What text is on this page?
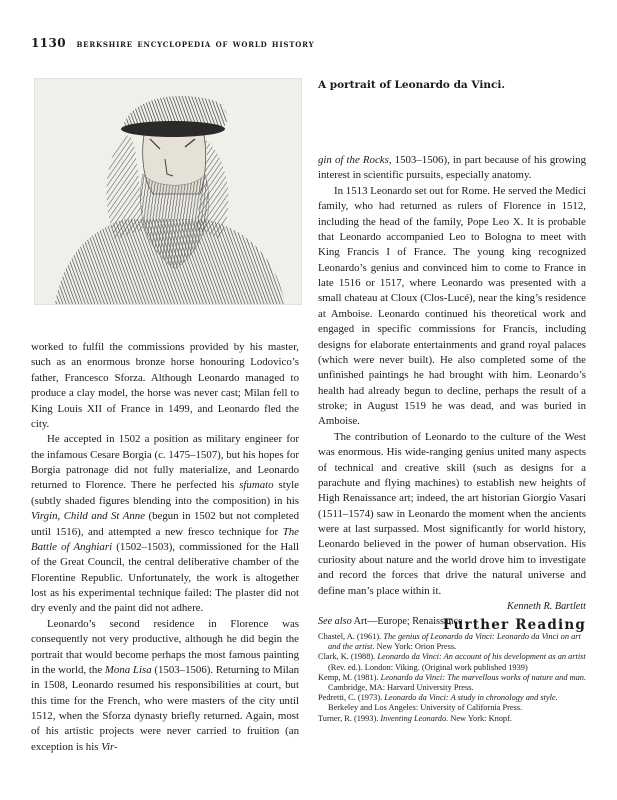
1130 berkshire encyclopedia of world history
A portrait of Leonardo da Vinci.

worked to fulfil the commissions provided by his master, such as an enormous bronze horse honouring Lodovico’s father, Francesco Sforza. Although Leonardo managed to produce a clay model, the horse was never cast; Milan fell to King Louis XII of France in 1499, and Leonardo fled the city.

He accepted in 1502 a position as military engineer for the infamous Cesare Borgia (c. 1475–1507), but his hopes for Borgia patronage did not fully materialize, and Leonardo returned to Florence. There he perfected his sfumato style (subtly shaded figures blending into the composition) in his Virgin, Child and St Anne (begun in 1502 but not completed until 1516), and attempted a new fresco technique for The Battle of Anghiari (1502–1503), commissioned for the Hall of the Great Council, the central deliberative chamber of the Florentine Republic. Unfortunately, the work is altogether lost as his experimental technique failed: The plaster did not dry evenly and the paint did not adhere.

Leonardo’s second residence in Florence was consequently not very productive, although he did begin the portrait that would become perhaps the most famous painting in the world, the Mona Lisa (1503–1506). Returning to Milan in 1508, Leonardo resumed his responsibilities at court, but this time for the French, who were masters of the city until 1512, when the Sforza dynasty briefly returned. Again, most of his artistic projects were never carried to fruition (an exception is his Vir-

gin of the Rocks, 1503–1506), in part because of his growing interest in scientific pursuits, especially anatomy.

In 1513 Leonardo set out for Rome. He served the Medici family, who had returned as rulers of Florence in 1512, including the head of the family, Pope Leo X. It is probable that Leonardo accompanied Leo to Bologna to meet with King Francis I of France. The young king recognized Leonardo’s genius and convinced him to come to France in late 1516 or 1517, where Leonardo was presented with a small chateau at Cloux (Clos-Lucé), near the king’s residence at Amboise. Leonardo continued his theoretical work and engaged in specific commissions for Francis, including designs for elaborate entertainments and grand royal palaces (which were never built). He also completed some of the unfinished paintings he had brought with him. Leonardo’s health had already begun to decline, perhaps the result of a stroke; in August 1519 he was dead, and was buried in Amboise.

The contribution of Leonardo to the culture of the West was enormous. His wide-ranging genius united many aspects of technical and creative skill (such as designs for a parachute and flying machines) to establish new heights of High Renaissance art; indeed, the art historian Giorgio Vasari (1511–1574) saw in Leonardo the moment when the ancients were at last surpassed. Most significantly for world history, Leonardo believed in the power of human observation. His curiosity about nature and the world drove him to investigate and record the forces that drive the natural universe and define man’s place within it.

Kenneth R. Bartlett

See also Art—Europe; Renaissance

Further Reading

Chastel, A. (1961). The genius of Leonardo da Vinci: Leonardo da Vinci on art and the artist. New York: Orion Press.

Clark, K. (1988). Leonardo da Vinci: An account of his development as an artist (Rev. ed.). London: Viking. (Original work published 1939)

Kemp, M. (1981). Leonardo da Vinci: The marvellous works of nature and man. Cambridge, MA: Harvard University Press.

Pedretti, C. (1973). Leonardo da Vinci: A study in chronology and style. Berkeley and Los Angeles: University of California Press.

Turner, R. (1993). Inventing Leonardo. New York: Knopf.
